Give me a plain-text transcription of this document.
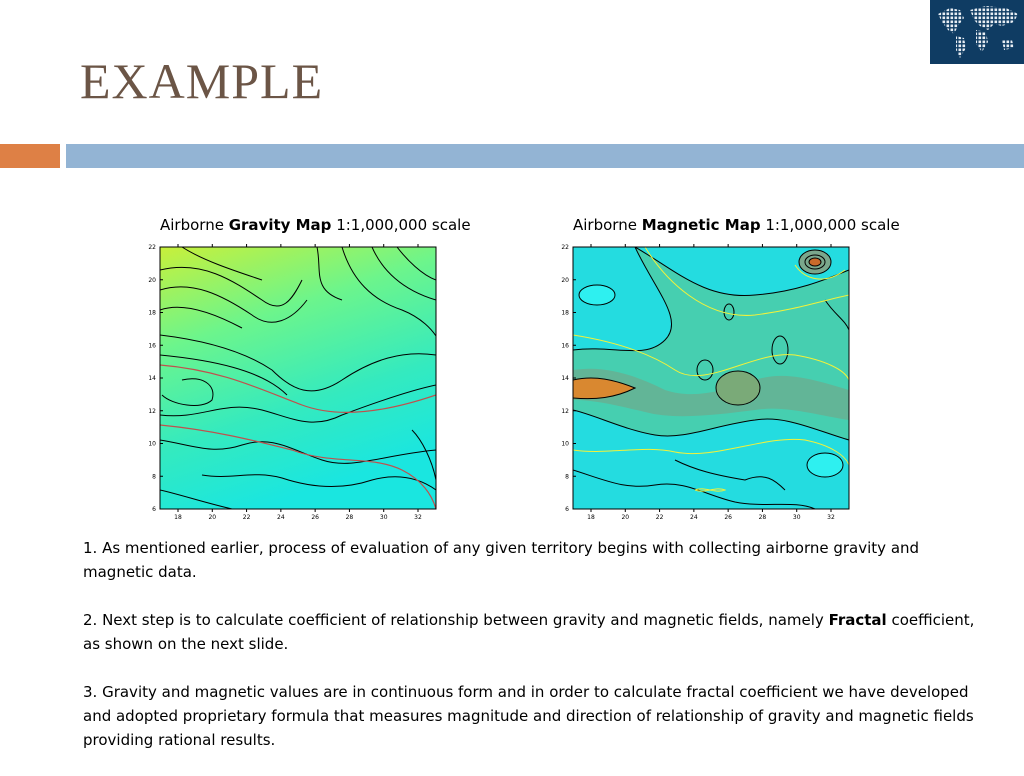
EXAMPLE
Airborne Gravity Map 1:1,000,000 scale	Airborne Magnetic Map 1:1,000,000 scale
18	20	22	24	26	28	30	32
22
20
18
16
14
12
10
8
6
18	20	22	24	26	28	30	32
22
20
18
16
14
12
10
8
6

1. As mentioned earlier, process of evaluation of any given territory begins with collecting airborne gravity and magnetic data.

2. Next step is to calculate coefficient of relationship between gravity and magnetic fields, namely Fractal coefficient, as shown on the next slide.

3. Gravity and magnetic values are in continuous form and in order to calculate fractal coefficient we have developed and adopted proprietary formula that measures magnitude and direction of relationship of gravity and magnetic fields providing rational results.
